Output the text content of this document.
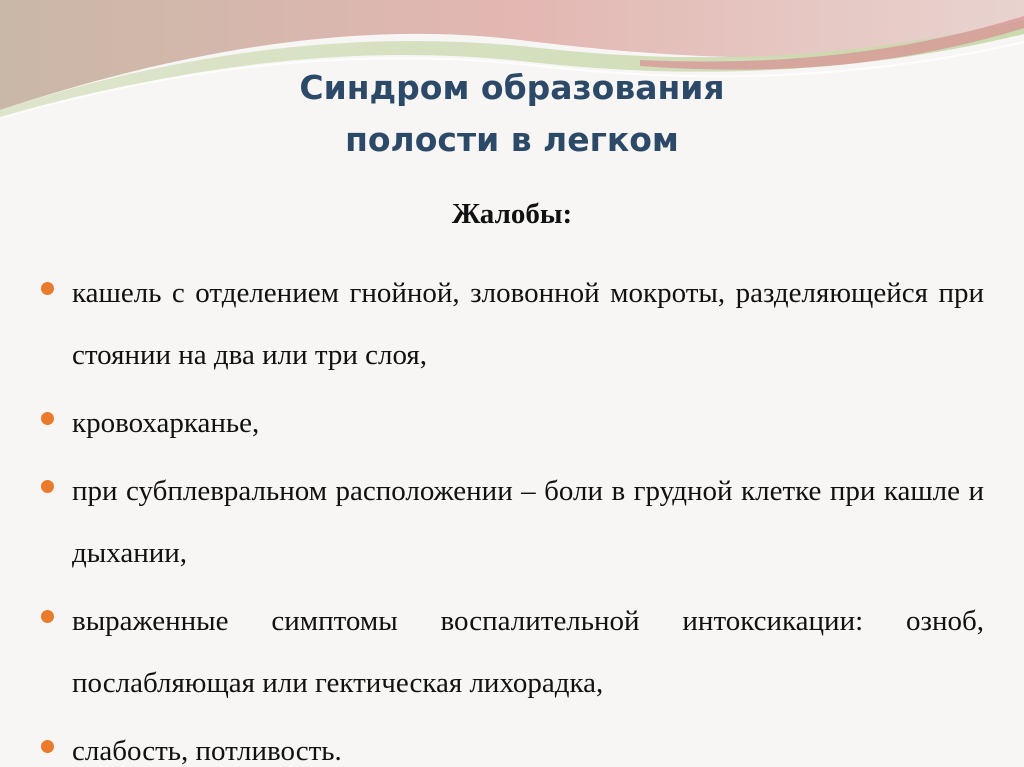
Синдром образования
полости в легком
Жалобы:
кашель с отделением гнойной, зловонной мокроты, разделяющейся при стоянии на два или три слоя,
кровохарканье,
при субплевральном расположении – боли в грудной клетке при кашле и дыхании,
выраженные симптомы воспалительной интоксикации: озноб, послабляющая или гектическая лихорадка,
слабость, потливость.
